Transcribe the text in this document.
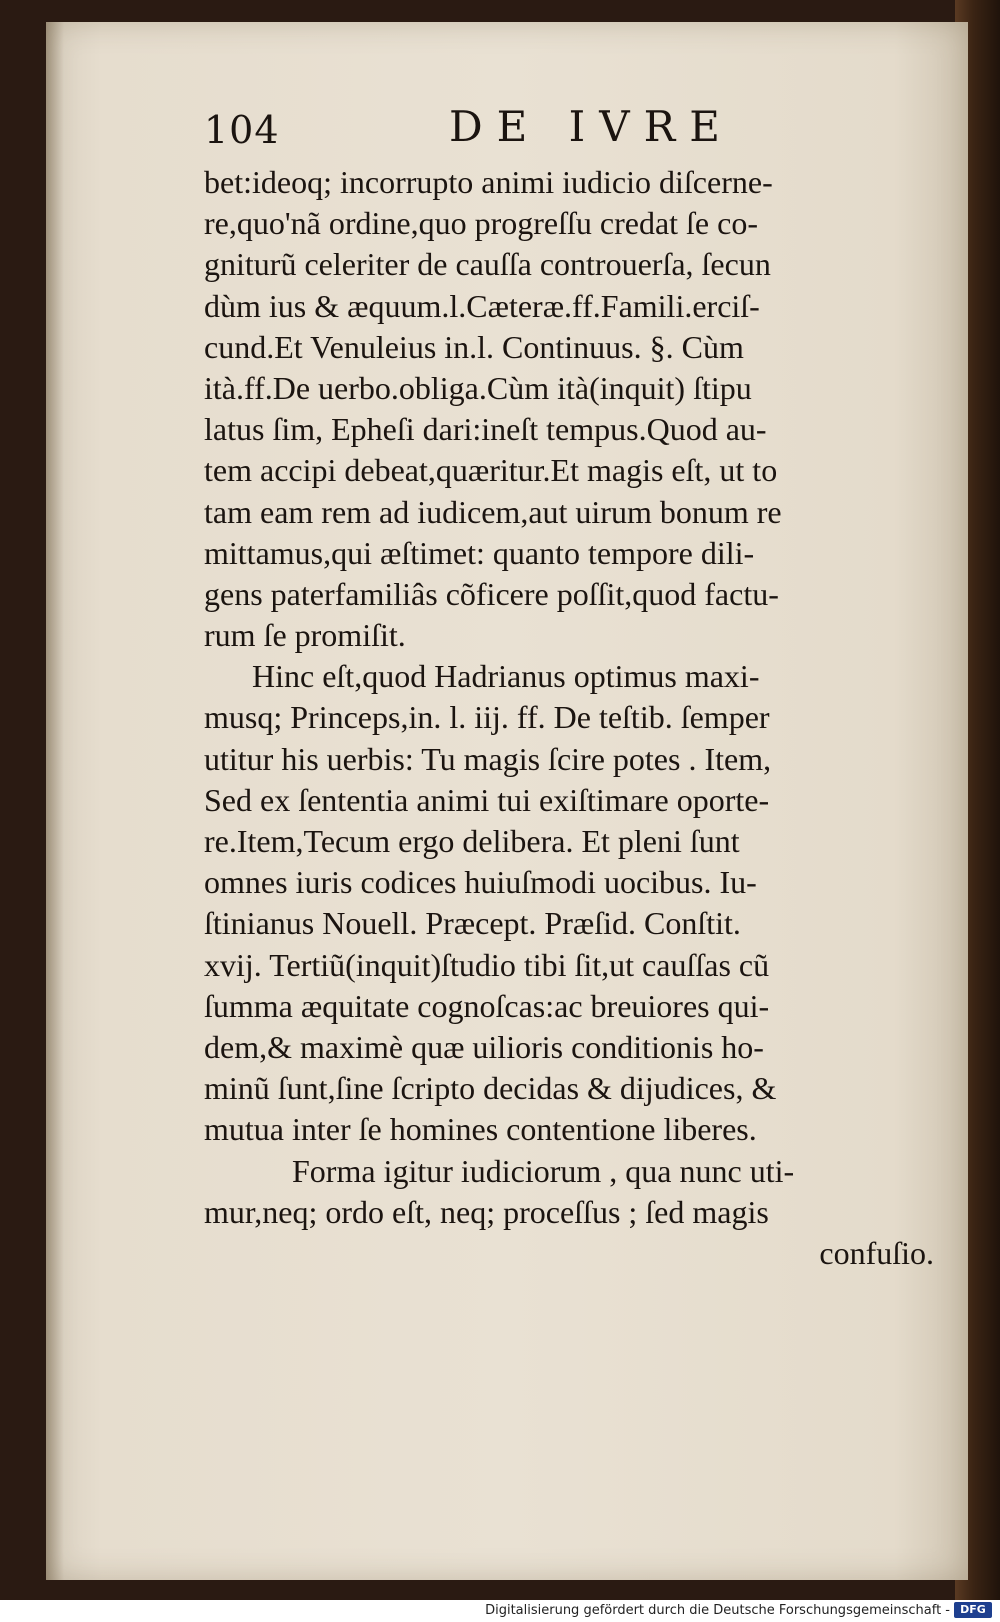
104	DE IVRE
bet:ideoq; incorrupto animi iudicio diſcerne-
re,quo'nã ordine,quo progreſſu credat ſe co-
gniturũ celeriter de cauſſa controuerſa, ſecun
dùm ius & æquum.l.Cæteræ.ff.Famili.erciſ-
cund.Et Venuleius in.l. Continuus. §. Cùm
ità.ff.De uerbo.obliga.Cùm ità(inquit) ſtipu
latus ſim, Epheſi dari:ineſt tempus.Quod au-
tem accipi debeat,quæritur.Et magis eſt, ut to
tam eam rem ad iudicem,aut uirum bonum re
mittamus,qui æſtimet: quanto tempore dili-
gens paterfamiliâs cõficere poſſit,quod factu-
rum ſe promiſit.
Hinc eſt,quod Hadrianus optimus maxi-
musq; Princeps,in. l. iij. ff. De teſtib. ſemper
utitur his uerbis: Tu magis ſcire potes . Item,
Sed ex ſententia animi tui exiſtimare oporte-
re.Item,Tecum ergo delibera. Et pleni ſunt
omnes iuris codices huiuſmodi uocibus. Iu-
ſtinianus Nouell. Præcept. Præſid. Conſtit.
xvij. Tertiũ(inquit)ſtudio tibi ſit,ut cauſſas cũ
ſumma æquitate cognoſcas:ac breuiores qui-
dem,& maximè quæ uilioris conditionis ho-
minũ ſunt,ſine ſcripto decidas & dijudices, &
mutua inter ſe homines contentione liberes.
Forma igitur iudiciorum , qua nunc uti-
mur,neq; ordo eſt, neq; proceſſus ; ſed magis
confuſio.
Digitalisierung gefördert durch die Deutsche Forschungsgemeinschaft - DFG
